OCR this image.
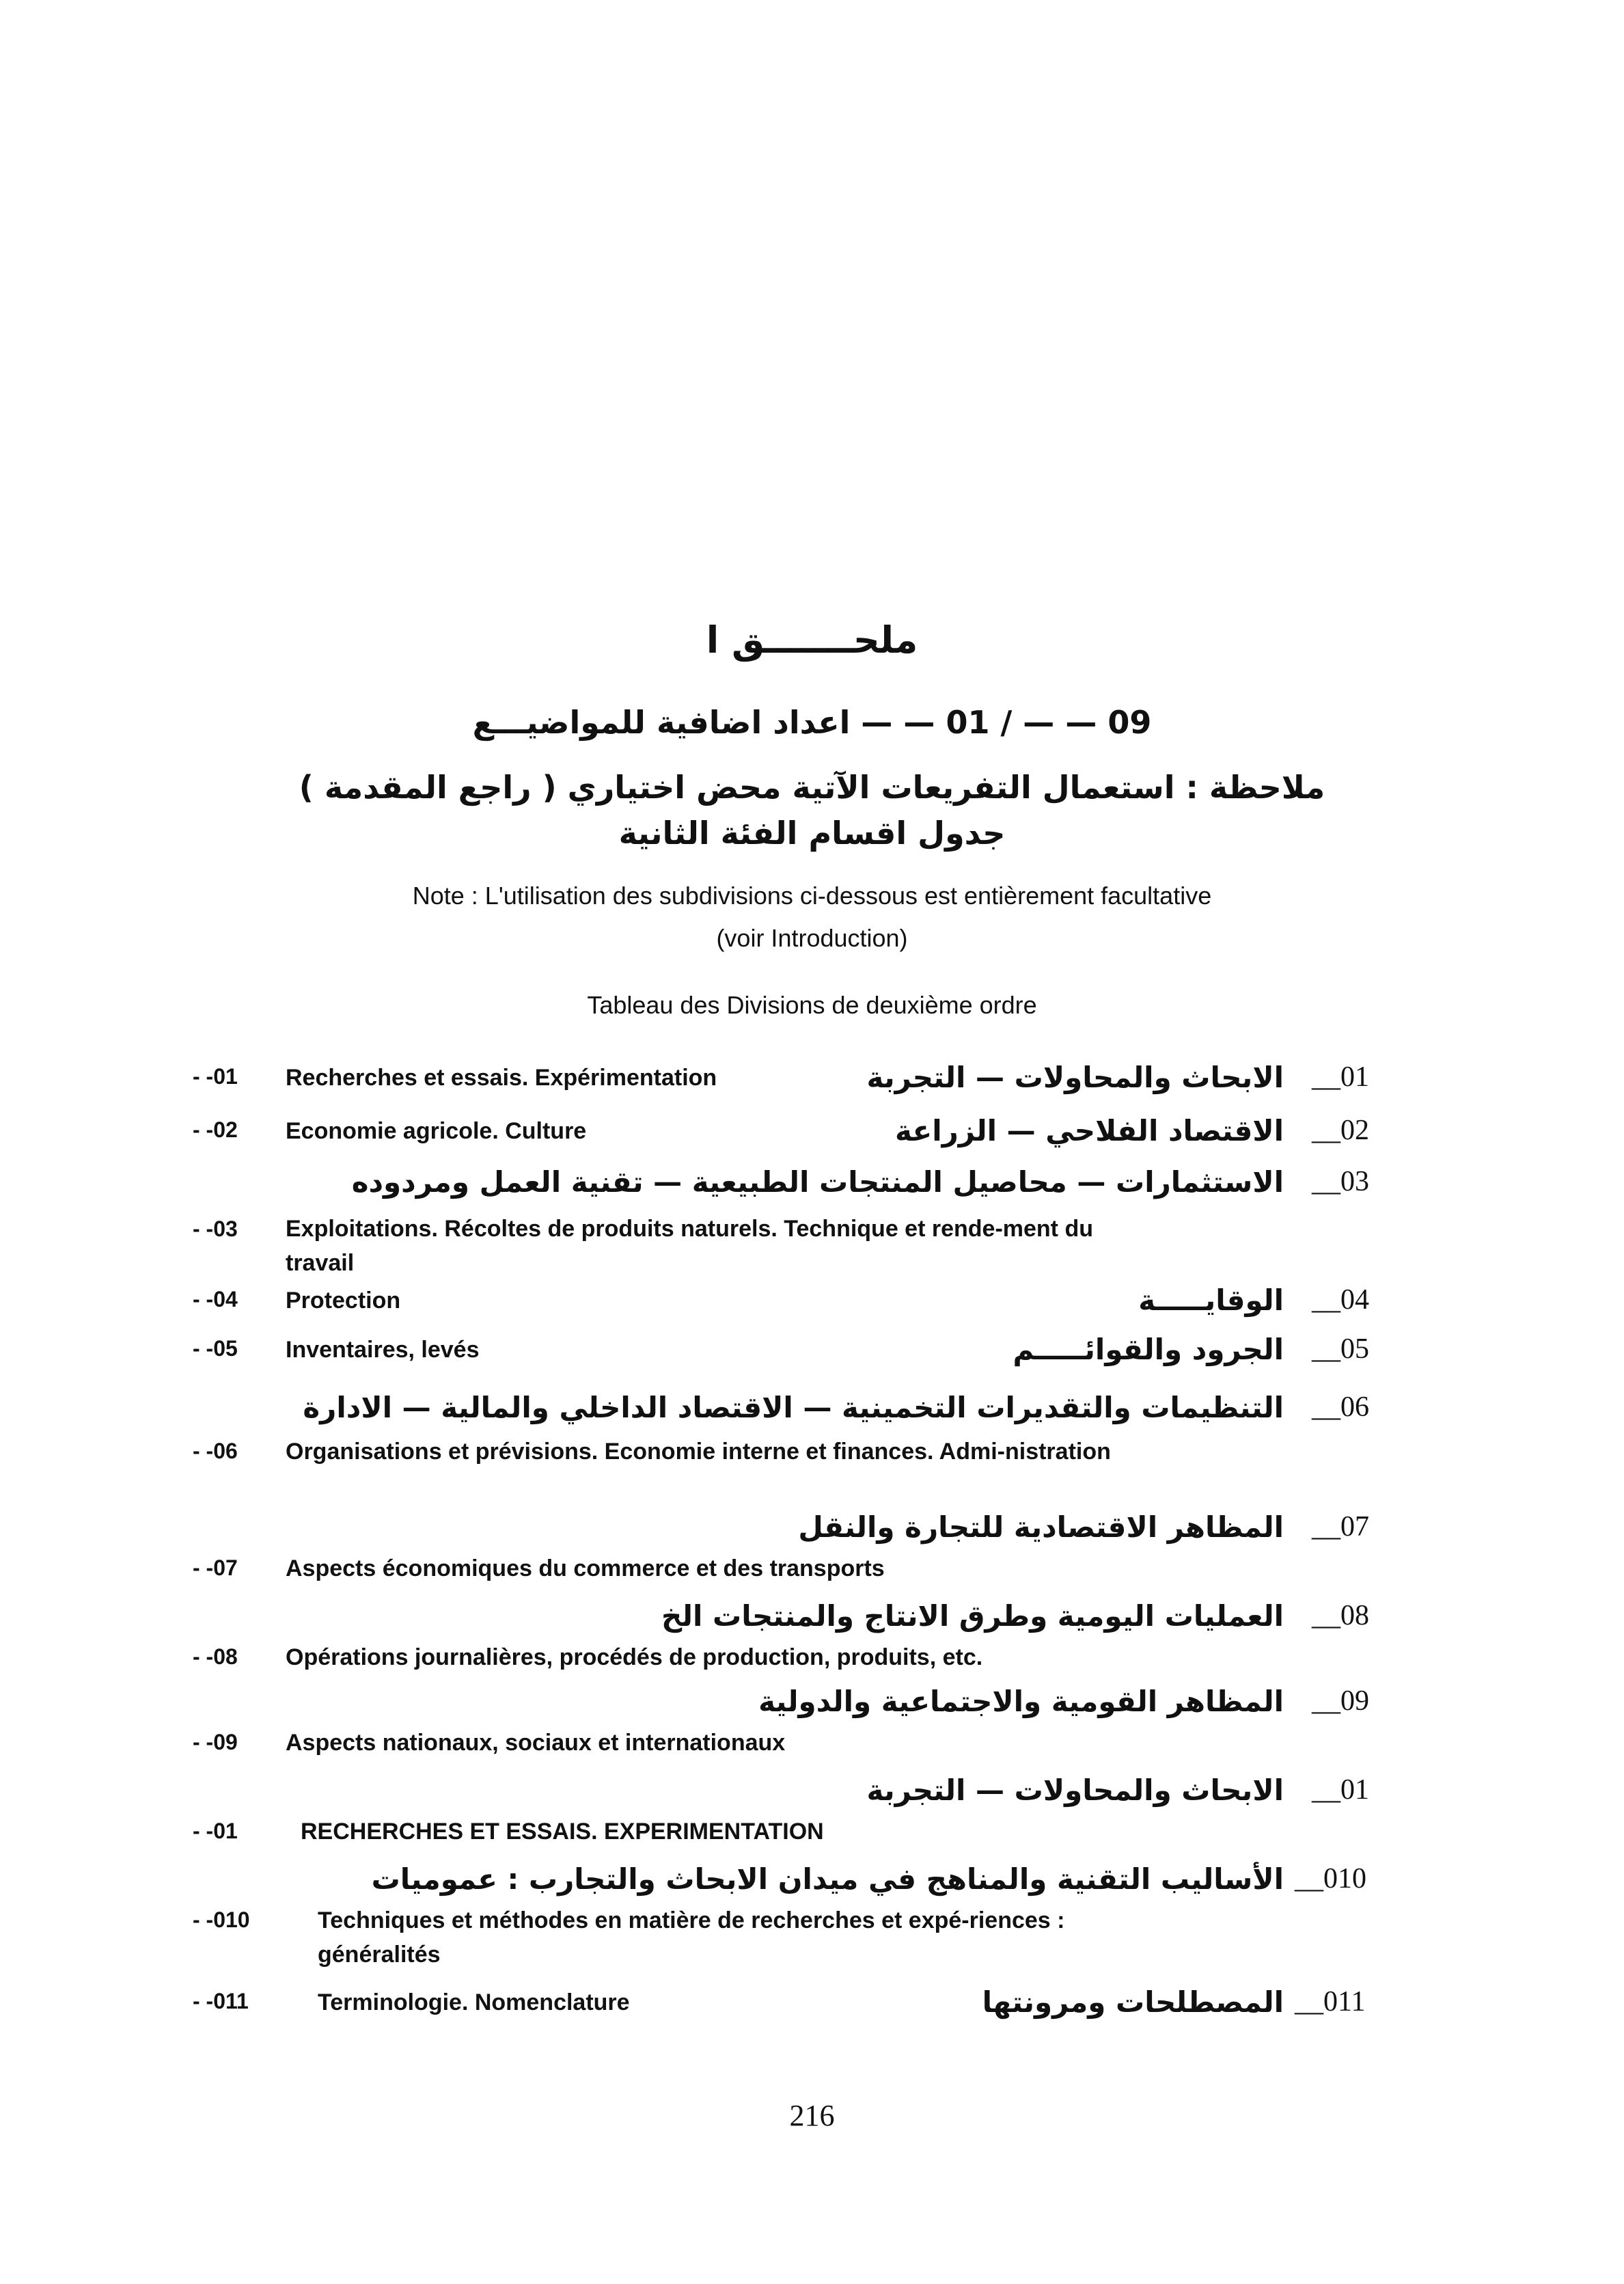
ملحـــــــق ا
09 — — / 01 — — اعداد اضافية للمواضيـــع
ملاحظة : استعمال التفريعات الآتية محض اختياري ( راجع المقدمة )
جدول اقسام الفئة الثانية
Note : L'utilisation des subdivisions ci-dessous est entièrement facultative
(voir Introduction)
Tableau des Divisions de deuxième ordre
- -01 Recherches et essais. Expérimentation	الابحاث والمحاولات — التجربة __01
- -02 Economie agricole. Culture	الاقتصاد الفلاحي — الزراعة __02
الاستثمارات — محاصيل المنتجات الطبيعية — تقنية العمل ومردوده __03
- -03 Exploitations. Récoltes de produits naturels. Technique et rende-ment du travail
- -04 Protection	الوقايـــــة __04
- -05 Inventaires, levés	الجرود والقوائـــــم __05
التنظيمات والتقديرات التخمينية — الاقتصاد الداخلي والمالية — الادارة __06
- -06 Organisations et prévisions. Economie interne et finances. Admi-nistration
المظاهر الاقتصادية للتجارة والنقل __07
- -07 Aspects économiques du commerce et des transports
العمليات اليومية وطرق الانتاج والمنتجات الخ __08
- -08 Opérations journalières, procédés de production, produits, etc.
المظاهر القومية والاجتماعية والدولية __09
- -09 Aspects nationaux, sociaux et internationaux
الابحاث والمحاولات — التجربة __01
- -01	RECHERCHES ET ESSAIS. EXPERIMENTATION
الأساليب التقنية والمناهج في ميدان الابحاث والتجارب : عموميات __010
- -010	Techniques et méthodes en matière de recherches et expé-riences : généralités
- -011	Terminologie. Nomenclature	المصطلحات ومرونتها __011
216
